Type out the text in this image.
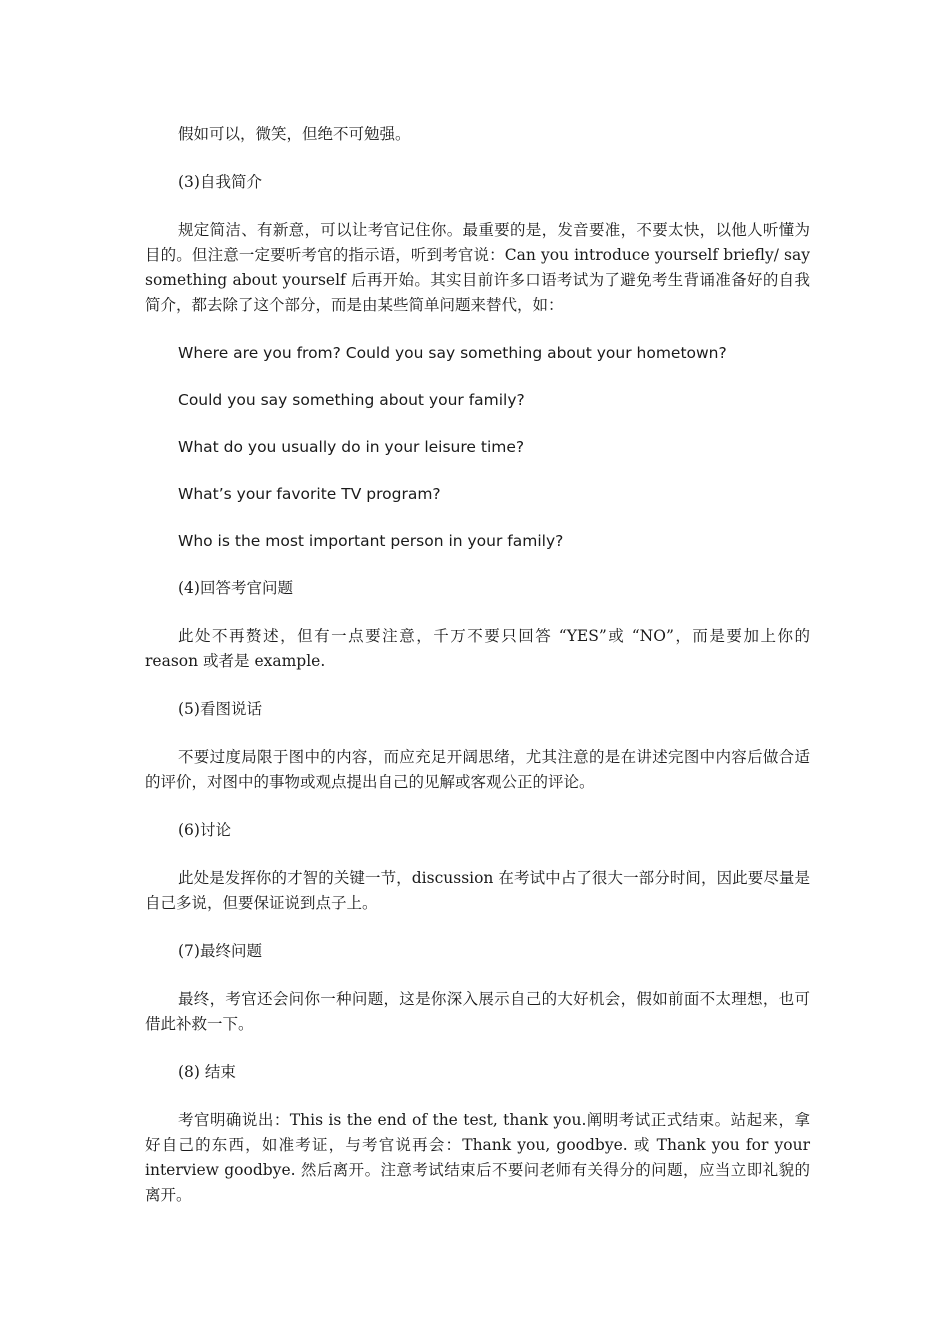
假如可以，微笑，但绝不可勉强。

(3)自我简介

规定简洁、有新意，可以让考官记住你。最重要的是，发音要准，不要太快，以他人听懂为目的。但注意一定要听考官的指示语，听到考官说：Can you introduce yourself briefly/ say something about yourself 后再开始。其实目前许多口语考试为了避免考生背诵准备好的自我简介，都去除了这个部分，而是由某些简单问题来替代，如：

Where are you from? Could you say something about your hometown?

Could you say something about your family?

What do you usually do in your leisure time?

What’s your favorite TV program?

Who is the most important person in your family?

(4)回答考官问题

此处不再赘述，但有一点要注意，千万不要只回答 “YES”或 “NO”，而是要加上你的 reason 或者是 example.

(5)看图说话

不要过度局限于图中的内容，而应充足开阔思绪，尤其注意的是在讲述完图中内容后做合适的评价，对图中的事物或观点提出自己的见解或客观公正的评论。

(6)讨论

此处是发挥你的才智的关键一节，discussion 在考试中占了很大一部分时间，因此要尽量是自己多说，但要保证说到点子上。

(7)最终问题

最终，考官还会问你一种问题，这是你深入展示自己的大好机会，假如前面不太理想，也可借此补救一下。

(8) 结束

考官明确说出：This is the end of the test, thank you.阐明考试正式结束。站起来，拿好自己的东西，如准考证，与考官说再会：Thank you, goodbye. 或 Thank you for your interview goodbye. 然后离开。注意考试结束后不要问老师有关得分的问题，应当立即礼貌的离开。
